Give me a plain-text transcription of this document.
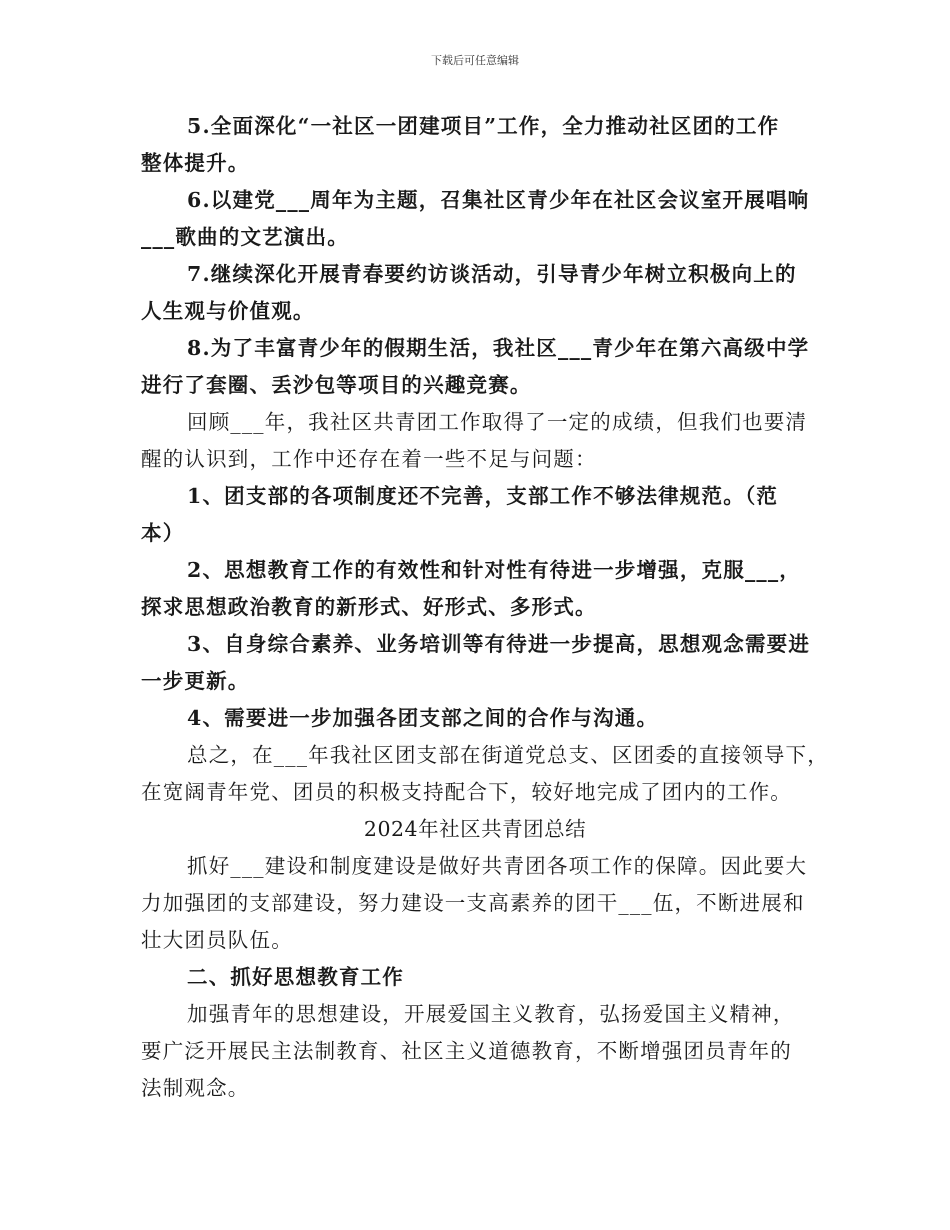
下载后可任意编辑
5.全面深化“一社区一团建项目”工作，全力推动社区团的工作
整体提升。
6.以建党___周年为主题，召集社区青少年在社区会议室开展唱响
___歌曲的文艺演出。
7.继续深化开展青春要约访谈活动，引导青少年树立积极向上的
人生观与价值观。
8.为了丰富青少年的假期生活，我社区___青少年在第六高级中学
进行了套圈、丢沙包等项目的兴趣竞赛。
回顾___年，我社区共青团工作取得了一定的成绩，但我们也要清
醒的认识到，工作中还存在着一些不足与问题：
1、团支部的各项制度还不完善，支部工作不够法律规范。（范
本）
2、思想教育工作的有效性和针对性有待进一步增强，克服___，
探求思想政治教育的新形式、好形式、多形式。
3、自身综合素养、业务培训等有待进一步提高，思想观念需要进
一步更新。
4、需要进一步加强各团支部之间的合作与沟通。
总之，在___年我社区团支部在街道党总支、区团委的直接领导下，
在宽阔青年党、团员的积极支持配合下，较好地完成了团内的工作。
2024年社区共青团总结
抓好___建设和制度建设是做好共青团各项工作的保障。因此要大
力加强团的支部建设，努力建设一支高素养的团干___伍，不断进展和
壮大团员队伍。
二、抓好思想教育工作
加强青年的思想建设，开展爱国主义教育，弘扬爱国主义精神，
要广泛开展民主法制教育、社区主义道德教育，不断增强团员青年的
法制观念。
